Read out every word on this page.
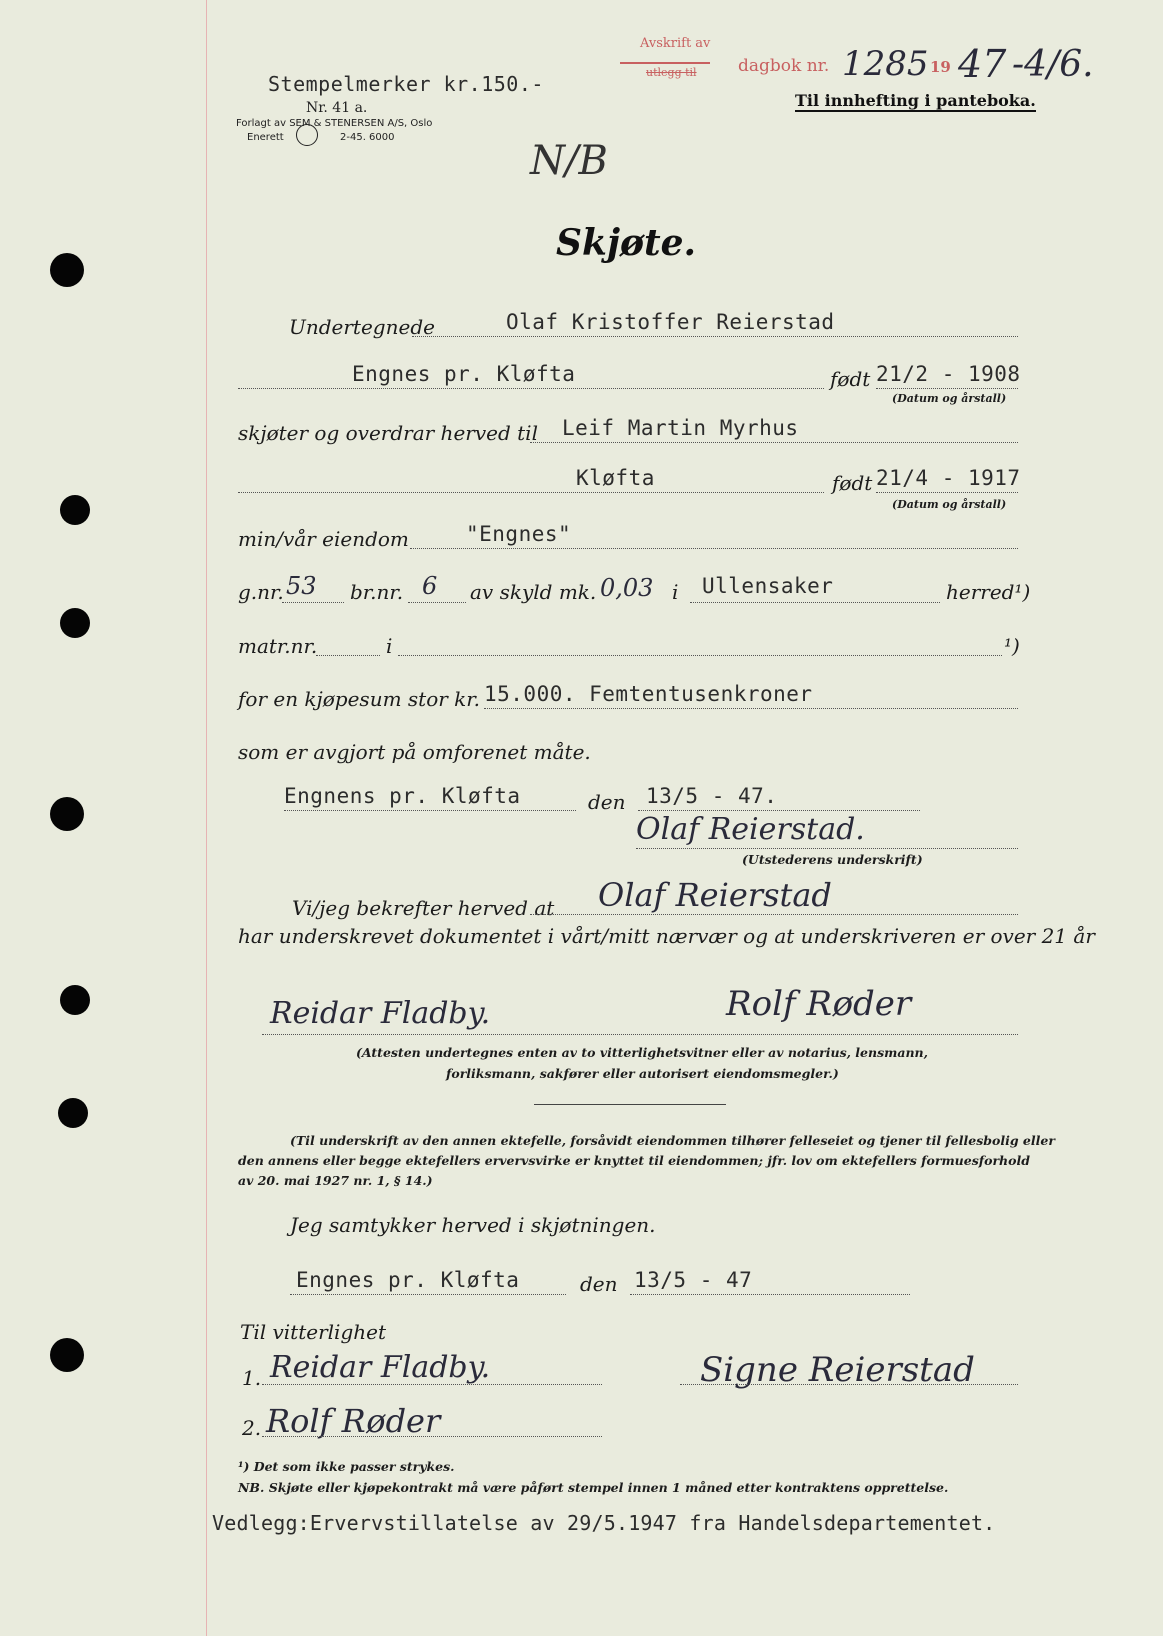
Stempelmerker kr.150.-
Nr. 41 a.
Forlagt av SEM & STENERSEN A/S, Oslo
Enerett	2-45. 6000
Avskrift av
utlegg til dagbok nr. 1285 19 47 -4/6.
Til innhefting i panteboka.
N/B
Skjøte.
Undertegnede	Olaf Kristoffer Reierstad
Engnes pr. Kløfta	født 21/2 - 1908
(Datum og årstall)
skjøter og overdrar herved til Leif Martin Myrhus
Kløfta	født 21/4 - 1917
(Datum og årstall)
min/vår eiendom	"Engnes"
g.nr. 53 br.nr. 6 av skyld mk. 0,03 i Ullensaker	herred¹)
matr.nr.	i	¹)
for en kjøpesum stor kr. 15.000. Femtentusenkroner
som er avgjort på omforenet måte.
Engnens pr. Kløfta	den 13/5 - 47.
Olaf Reierstad.
(Utstederens underskrift)
Vi/jeg bekrefter herved at Olaf Reierstad
har underskrevet dokumentet i vårt/mitt nærvær og at underskriveren er over 21 år
Reidar Fladby.	Rolf Røder
(Attesten undertegnes enten av to vitterlighetsvitner eller av notarius, lensmann,
forliksmann, sakfører eller autorisert eiendomsmegler.)
(Til underskrift av den annen ektefelle, forsåvidt eiendommen tilhører felleseiet og tjener til fellesbolig eller
den annens eller begge ektefellers ervervsvirke er knyttet til eiendommen; jfr. lov om ektefellers formuesforhold
av 20. mai 1927 nr. 1, § 14.)
Jeg samtykker herved i skjøtningen.
Engnes pr. Kløfta	den 13/5 - 47
Til vitterlighet
1. Reidar Fladby.	Signe Reierstad
2. Rolf Røder
¹) Det som ikke passer strykes.
NB. Skjøte eller kjøpekontrakt må være påført stempel innen 1 måned etter kontraktens opprettelse.
Vedlegg:Ervervstillatelse av 29/5.1947 fra Handelsdepartementet.
